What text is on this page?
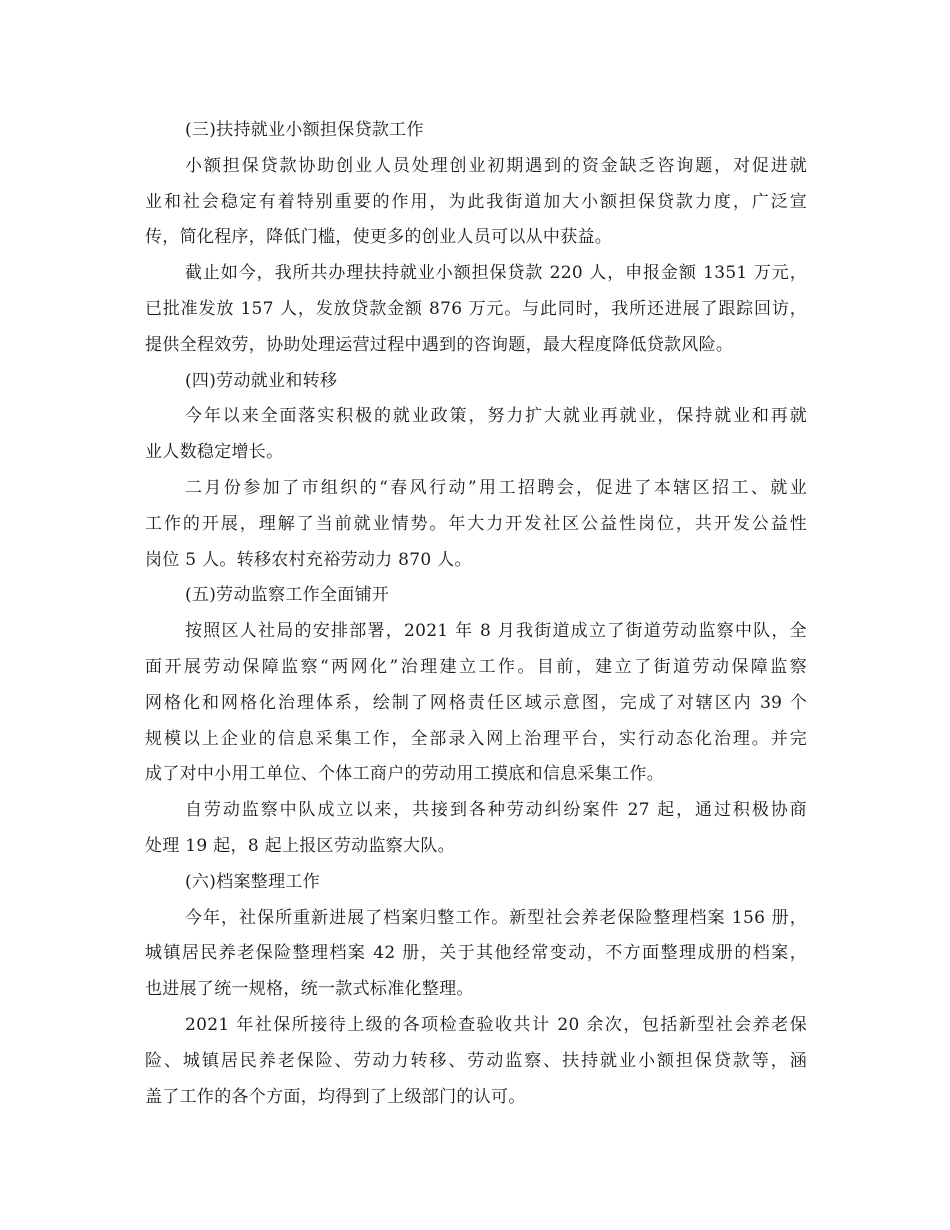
(三)扶持就业小额担保贷款工作
小额担保贷款协助创业人员处理创业初期遇到的资金缺乏咨询题，对促进就
业和社会稳定有着特别重要的作用，为此我街道加大小额担保贷款力度，广泛宣
传，简化程序，降低门槛，使更多的创业人员可以从中获益。
截止如今，我所共办理扶持就业小额担保贷款 220 人，申报金额 1351 万元，
已批准发放 157 人，发放贷款金额 876 万元。与此同时，我所还进展了跟踪回访，
提供全程效劳，协助处理运营过程中遇到的咨询题，最大程度降低贷款风险。
(四)劳动就业和转移
今年以来全面落实积极的就业政策，努力扩大就业再就业，保持就业和再就
业人数稳定增长。
二月份参加了市组织的“春风行动”用工招聘会，促进了本辖区招工、就业
工作的开展，理解了当前就业情势。年大力开发社区公益性岗位，共开发公益性
岗位 5 人。转移农村充裕劳动力 870 人。
(五)劳动监察工作全面铺开
按照区人社局的安排部署，2021 年 8 月我街道成立了街道劳动监察中队，全
面开展劳动保障监察“两网化”治理建立工作。目前，建立了街道劳动保障监察
网格化和网格化治理体系，绘制了网格责任区域示意图，完成了对辖区内 39 个
规模以上企业的信息采集工作，全部录入网上治理平台，实行动态化治理。并完
成了对中小用工单位、个体工商户的劳动用工摸底和信息采集工作。
自劳动监察中队成立以来，共接到各种劳动纠纷案件 27 起，通过积极协商
处理 19 起，8 起上报区劳动监察大队。
(六)档案整理工作
今年，社保所重新进展了档案归整工作。新型社会养老保险整理档案 156 册，
城镇居民养老保险整理档案 42 册，关于其他经常变动，不方面整理成册的档案，
也进展了统一规格，统一款式标准化整理。
2021 年社保所接待上级的各项检查验收共计 20 余次，包括新型社会养老保
险、城镇居民养老保险、劳动力转移、劳动监察、扶持就业小额担保贷款等，涵
盖了工作的各个方面，均得到了上级部门的认可。
